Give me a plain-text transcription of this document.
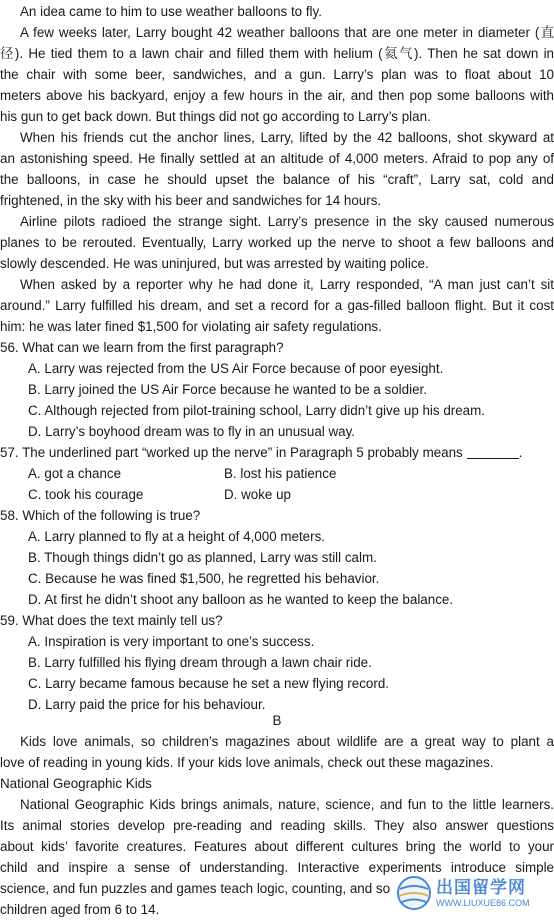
An idea came to him to use weather balloons to fly.
A few weeks later, Larry bought 42 weather balloons that are one meter in diameter (直
径). He tied them to a lawn chair and filled them with helium (氦气). Then he sat down in
the chair with some beer, sandwiches, and a gun. Larry’s plan was to float about 10
meters above his backyard, enjoy a few hours in the air, and then pop some balloons with
his gun to get back down. But things did not go according to Larry’s plan.
When his friends cut the anchor lines, Larry, lifted by the 42 balloons, shot skyward at
an astonishing speed. He finally settled at an altitude of 4,000 meters. Afraid to pop any of
the balloons, in case he should upset the balance of his “craft”, Larry sat, cold and
frightened, in the sky with his beer and sandwiches for 14 hours.
Airline pilots radioed the strange sight. Larry’s presence in the sky caused numerous
planes to be rerouted. Eventually, Larry worked up the nerve to shoot a few balloons and
slowly descended. He was uninjured, but was arrested by waiting police.
When asked by a reporter why he had done it, Larry responded, “A man just can’t sit
around.” Larry fulfilled his dream, and set a record for a gas-filled balloon flight. But it cost
him: he was later fined $1,500 for violating air safety regulations.
56. What can we learn from the first paragraph?
A. Larry was rejected from the US Air Force because of poor eyesight.
B. Larry joined the US Air Force because he wanted to be a soldier.
C. Although rejected from pilot-training school, Larry didn’t give up his dream.
D. Larry’s boyhood dream was to fly in an unusual way.
57. The underlined part “worked up the nerve” in Paragraph 5 probably means	.
A. got a chance	B. lost his patience
C. took his courage	D. woke up
58. Which of the following is true?
A. Larry planned to fly at a height of 4,000 meters.
B. Though things didn’t go as planned, Larry was still calm.
C. Because he was fined $1,500, he regretted his behavior.
D. At first he didn’t shoot any balloon as he wanted to keep the balance.
59. What does the text mainly tell us?
A. Inspiration is very important to one’s success.
B. Larry fulfilled his flying dream through a lawn chair ride.
C. Larry became famous because he set a new flying record.
D. Larry paid the price for his behaviour.
B
Kids love animals, so children’s magazines about wildlife are a great way to plant a
love of reading in young kids. If your kids love animals, check out these magazines.
National Geographic Kids
National Geographic Kids brings animals, nature, science, and fun to the little learners.
Its animal stories develop pre-reading and reading skills. They also answer questions
about kids’ favorite creatures. Features about different cultures bring the world to your
child and inspire a sense of understanding. Interactive experiments introduce simple
science, and fun puzzles and games teach logic, counting, and so
children aged from 6 to 14.
出国留学网
WWW.LIUXUE86.COM
